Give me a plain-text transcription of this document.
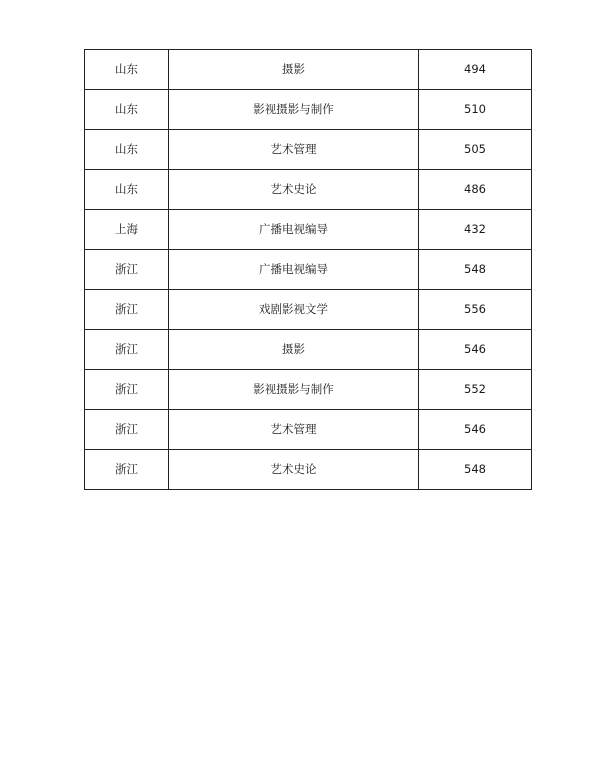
山东	摄影	494
山东	影视摄影与制作	510
山东	艺术管理	505
山东	艺术史论	486
上海	广播电视编导	432
浙江	广播电视编导	548
浙江	戏剧影视文学	556
浙江	摄影	546
浙江	影视摄影与制作	552
浙江	艺术管理	546
浙江	艺术史论	548
